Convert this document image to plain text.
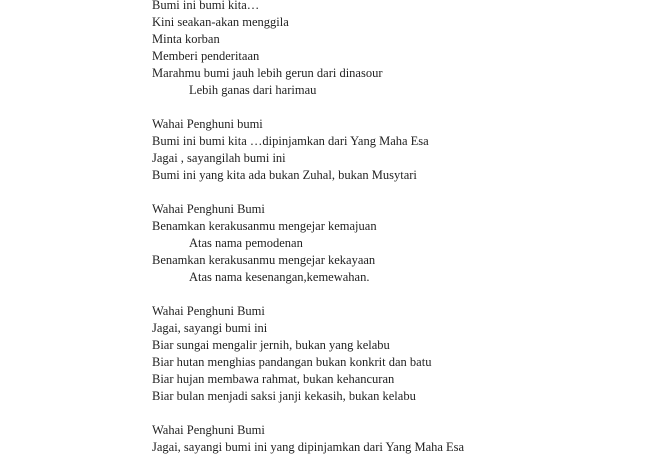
Bumi ini bumi kita…
Kini seakan-akan menggila
Minta korban
Memberi penderitaan
Marahmu bumi jauh lebih gerun dari dinasour
Lebih ganas dari harimau
Wahai Penghuni bumi
Bumi ini bumi kita …dipinjamkan dari Yang Maha Esa
Jagai , sayangilah bumi ini
Bumi ini yang kita ada bukan Zuhal, bukan Musytari
Wahai Penghuni Bumi
Benamkan kerakusanmu mengejar kemajuan
Atas nama pemodenan
Benamkan kerakusanmu mengejar kekayaan
Atas nama kesenangan,kemewahan.
Wahai Penghuni Bumi
Jagai, sayangi bumi ini
Biar sungai mengalir jernih, bukan yang kelabu
Biar hutan menghias pandangan bukan konkrit dan batu
Biar hujan membawa rahmat, bukan kehancuran
Biar bulan menjadi saksi janji kekasih, bukan kelabu
Wahai Penghuni Bumi
Jagai, sayangi bumi ini yang dipinjamkan dari Yang Maha Esa
